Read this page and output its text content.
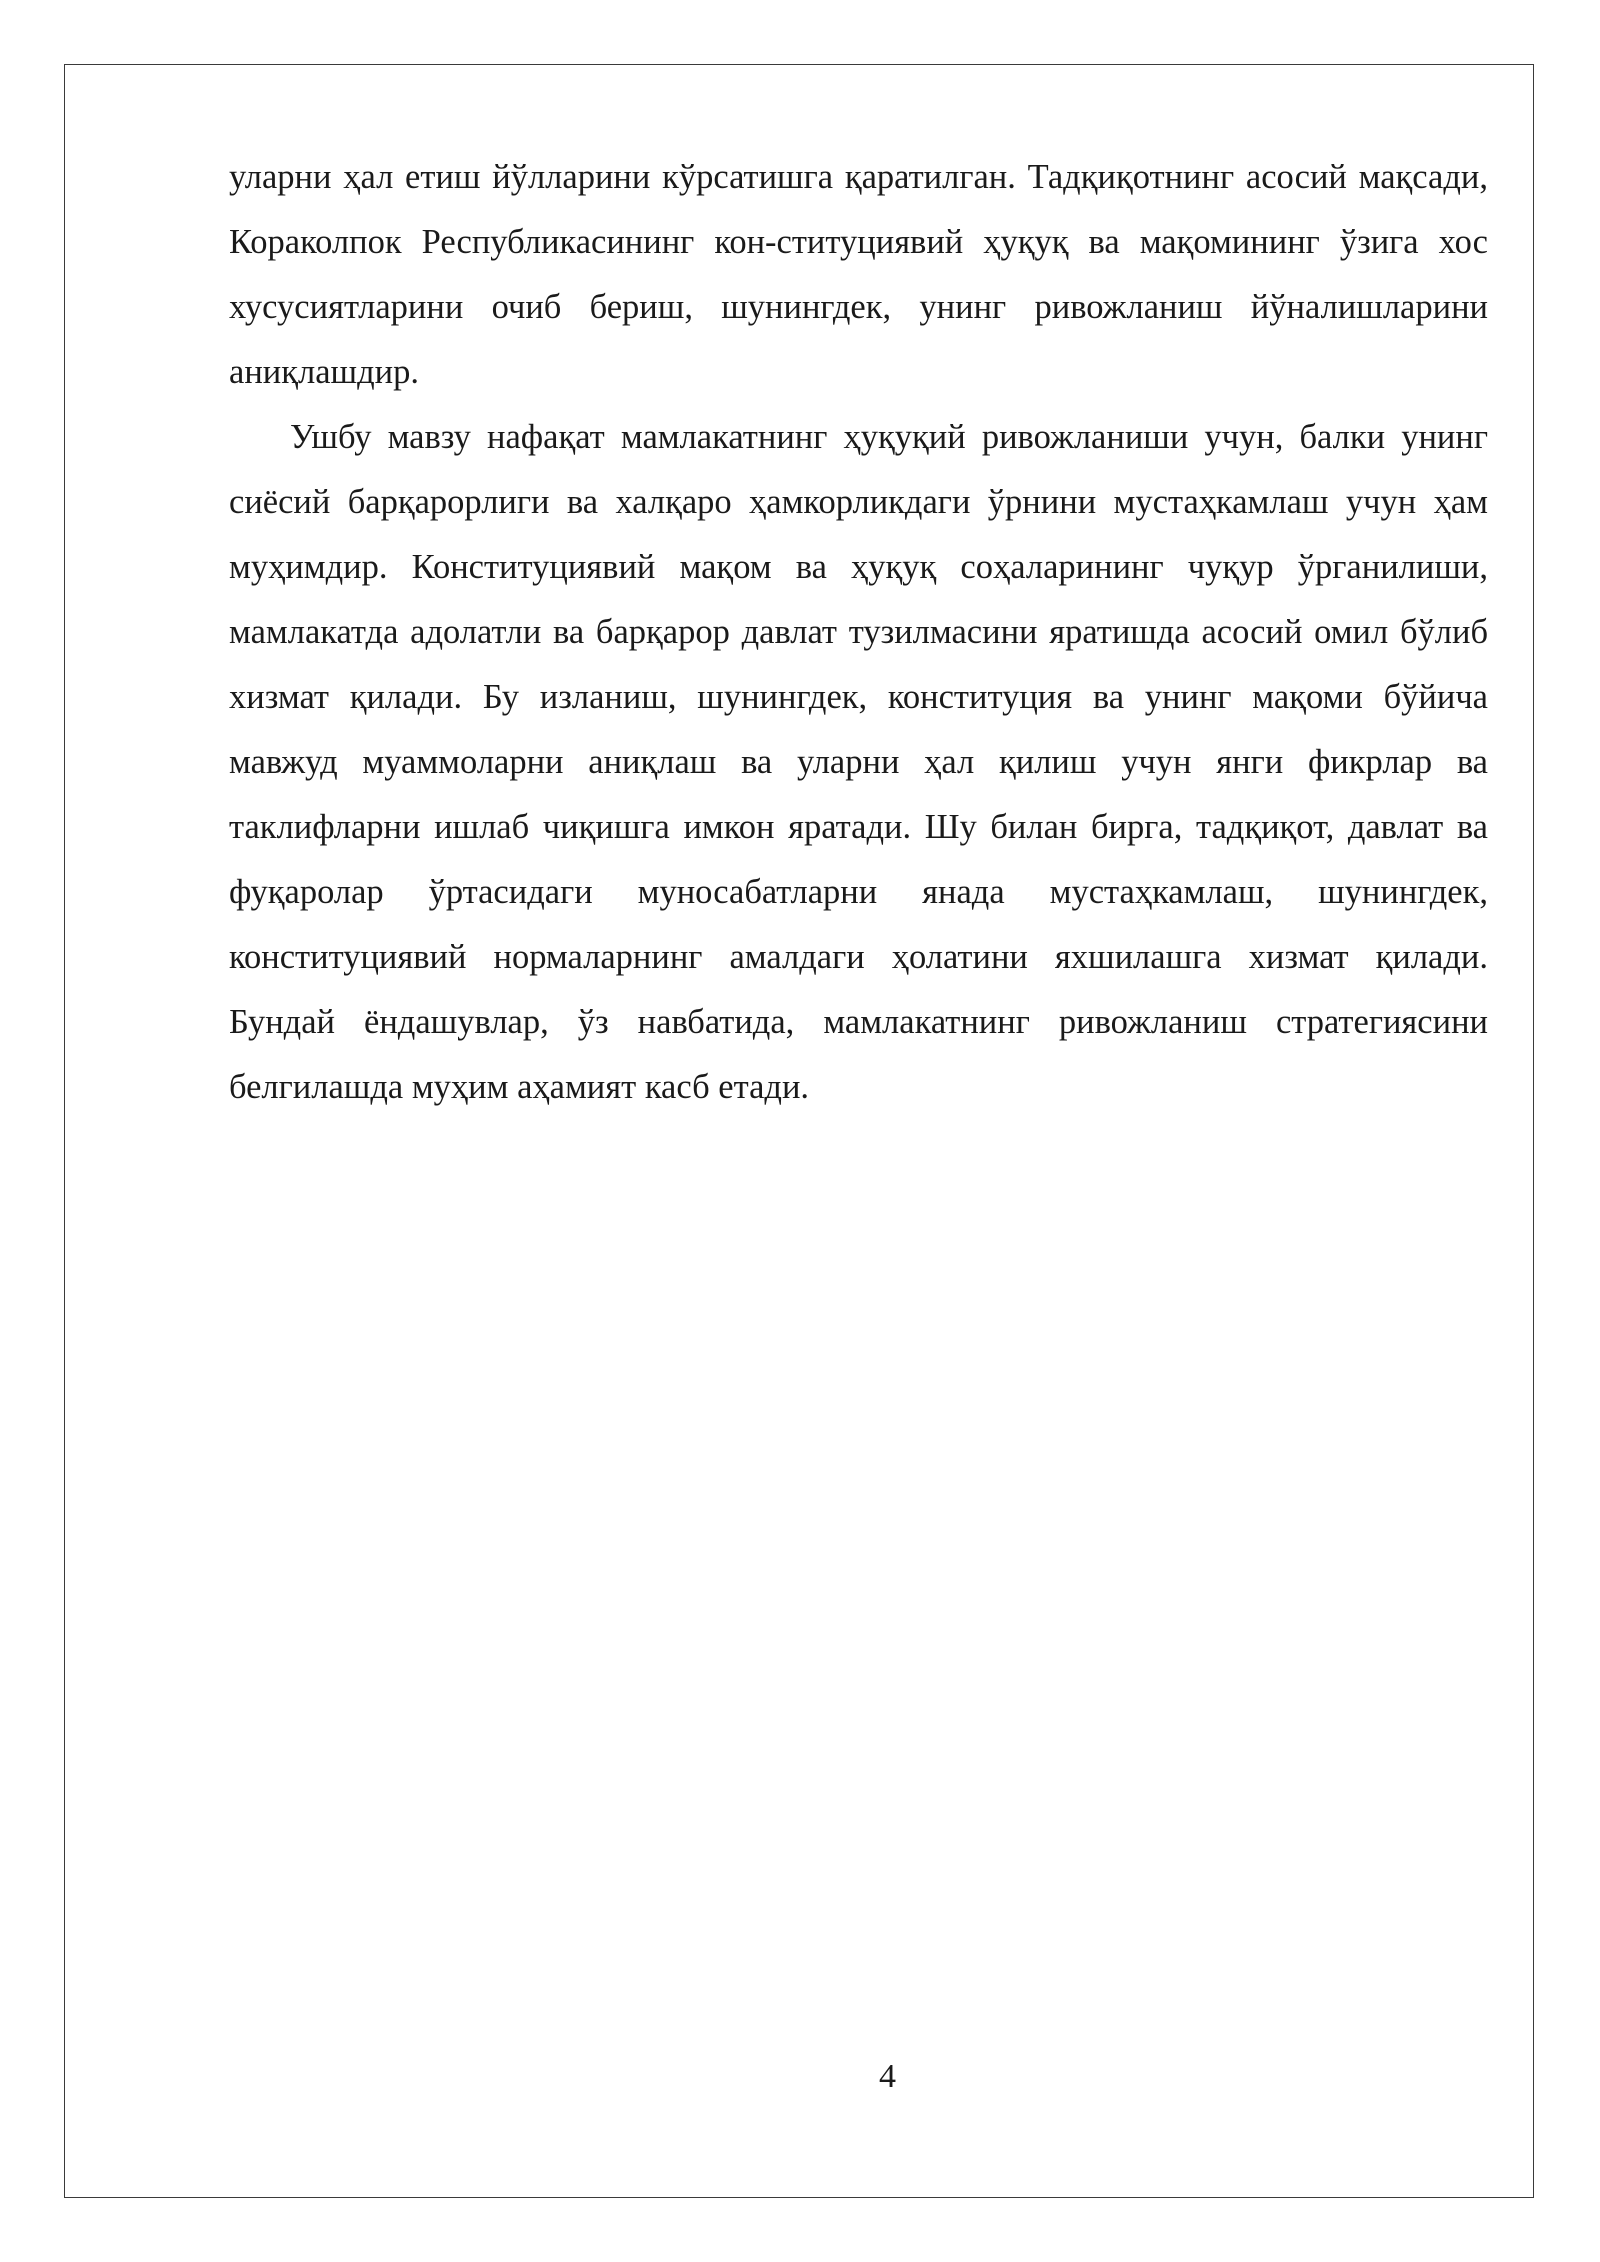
уларни ҳал етиш йўлларини кўрсатишга қаратилган. Тадқиқотнинг асосий мақсади, Кораколпок Республикасининг кон-ституциявий ҳуқуқ ва мақомининг ўзига хос хусусиятларини очиб бериш, шунингдек, унинг ривожланиш йўналишларини аниқлашдир.

Ушбу мавзу нафақат мамлакатнинг ҳуқуқий ривожланиши учун, балки унинг сиёсий барқарорлиги ва халқаро ҳамкорликдаги ўрнини мустаҳкамлаш учун ҳам муҳимдир. Конституциявий мақом ва ҳуқуқ соҳаларининг чуқур ўрганилиши, мамлакатда адолатли ва барқарор давлат тузилмасини яратишда асосий омил бўлиб хизмат қилади. Бу изланиш, шунингдек, конституция ва унинг мақоми бўйича мавжуд муаммоларни аниқлаш ва уларни ҳал қилиш учун янги фикрлар ва таклифларни ишлаб чиқишга имкон яратади. Шу билан бирга, тадқиқот, давлат ва фуқаролар ўртасидаги муносабатларни янада мустаҳкамлаш, шунингдек, конституциявий нормаларнинг амалдаги ҳолатини яхшилашга хизмат қилади. Бундай ёндашувлар, ўз навбатида, мамлакатнинг ривожланиш стратегиясини белгилашда муҳим аҳамият касб етади.

4
